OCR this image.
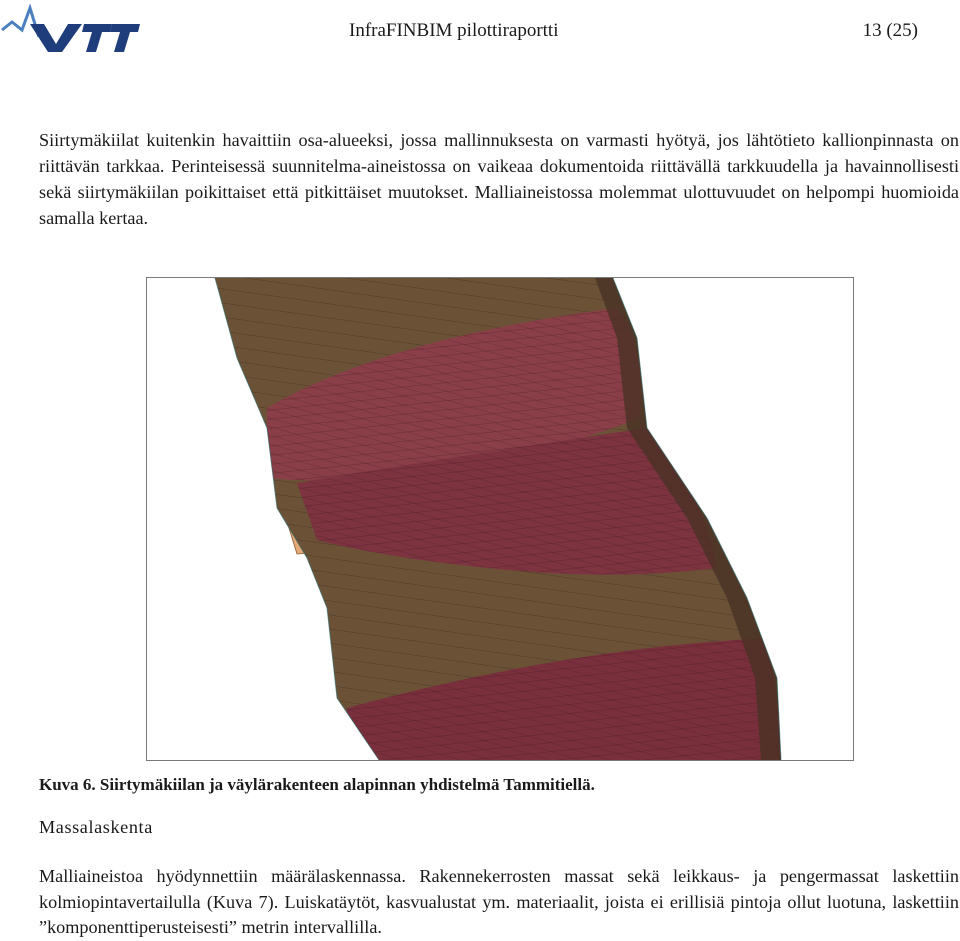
InfraFINBIM pilottiraportti	13 (25)

Siirtymäkiilat kuitenkin havaittiin osa-alueeksi, jossa mallinnuksesta on varmasti hyötyä, jos lähtötieto kallionpinnasta on riittävän tarkkaa. Perinteisessä suunnitelma-aineistossa on vaikeaa dokumentoida riittävällä tarkkuudella ja havainnollisesti sekä siirtymäkiilan poikittaiset että pitkittäiset muutokset. Malliaineistossa molemmat ulottuvuudet on helpompi huomioida samalla kertaa.

Kuva 6. Siirtymäkiilan ja väylärakenteen alapinnan yhdistelmä Tammitiellä.
Massalaskenta

Malliaineistoa hyödynnettiin määrälaskennassa. Rakennekerrosten massat sekä leikkaus- ja pengermassat laskettiin kolmiopintavertailulla (Kuva 7). Luiskatäytöt, kasvualustat ym. materiaalit, joista ei erillisiä pintoja ollut luotuna, laskettiin ”komponenttiperusteisesti” metrin intervallilla.
